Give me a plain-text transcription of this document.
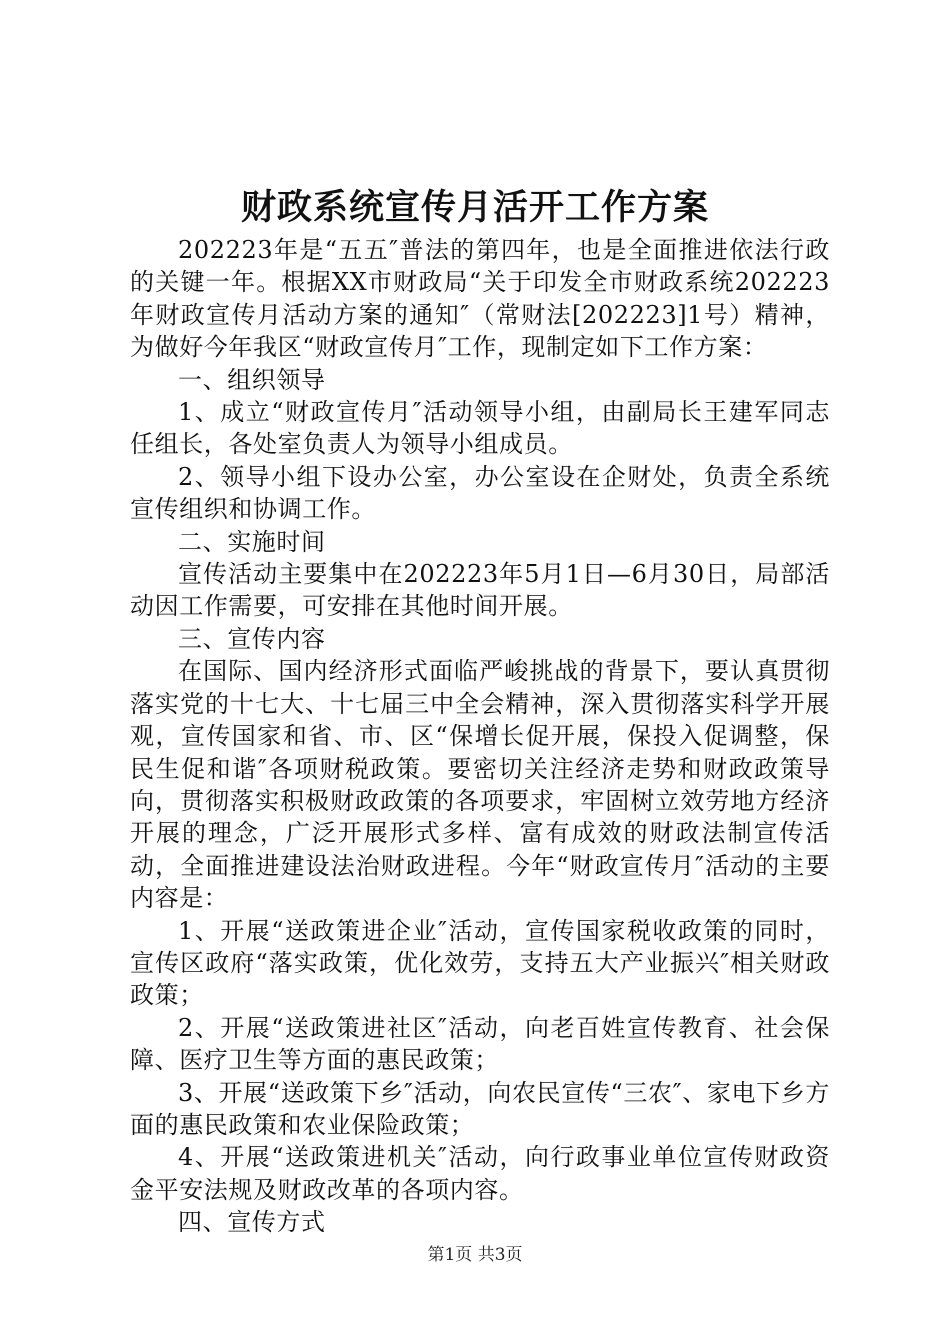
财政系统宣传月活开工作方案

202223年是“五五″普法的第四年，也是全面推进依法行政的关键一年。根据XX市财政局“关于印发全市财政系统202223年财政宣传月活动方案的通知″（常财法[202223]1号）精神，为做好今年我区“财政宣传月″工作，现制定如下工作方案：

一、组织领导

1、成立“财政宣传月″活动领导小组，由副局长王建军同志任组长，各处室负责人为领导小组成员。

2、领导小组下设办公室，办公室设在企财处，负责全系统宣传组织和协调工作。

二、实施时间

宣传活动主要集中在202223年5月1日—6月30日，局部活动因工作需要，可安排在其他时间开展。

三、宣传内容

在国际、国内经济形式面临严峻挑战的背景下，要认真贯彻落实党的十七大、十七届三中全会精神，深入贯彻落实科学开展观，宣传国家和省、市、区“保增长促开展，保投入促调整，保民生促和谐″各项财税政策。要密切关注经济走势和财政政策导向，贯彻落实积极财政政策的各项要求，牢固树立效劳地方经济开展的理念，广泛开展形式多样、富有成效的财政法制宣传活动，全面推进建设法治财政进程。今年“财政宣传月″活动的主要内容是：

1、开展“送政策进企业″活动，宣传国家税收政策的同时，宣传区政府“落实政策，优化效劳，支持五大产业振兴″相关财政政策；

2、开展“送政策进社区″活动，向老百姓宣传教育、社会保障、医疗卫生等方面的惠民政策；

3、开展“送政策下乡″活动，向农民宣传“三农″、家电下乡方面的惠民政策和农业保险政策；

4、开展“送政策进机关″活动，向行政事业单位宣传财政资金平安法规及财政改革的各项内容。

四、宣传方式

第1页 共3页
